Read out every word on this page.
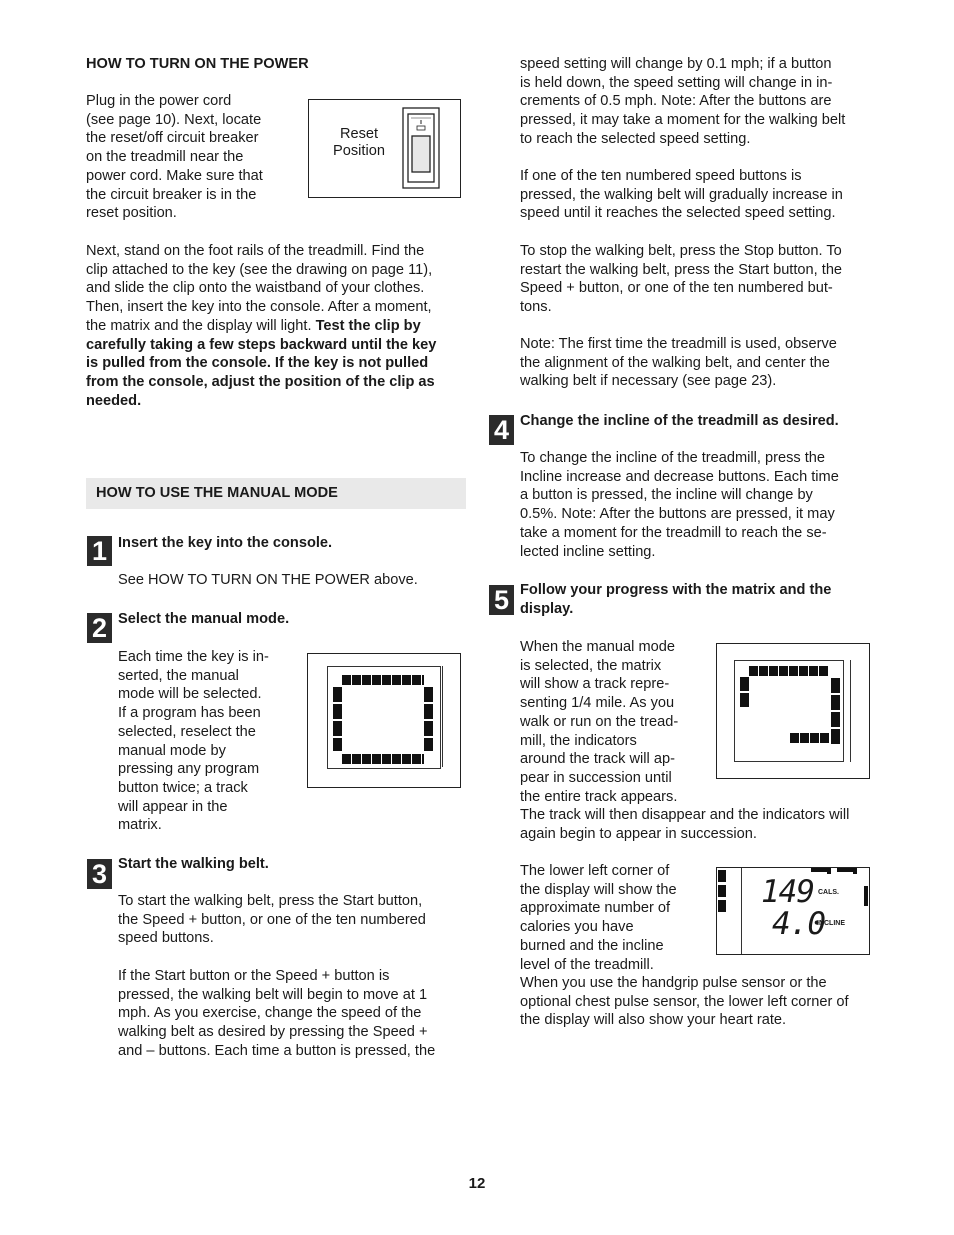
HOW TO TURN ON THE POWER

Plug in the power cord
(see page 10). Next, locate
the reset/off circuit breaker
on the treadmill near the
power cord. Make sure that
the circuit breaker is in the
reset position.
Reset
Position
Next, stand on the foot rails of the treadmill. Find the
clip attached to the key (see the drawing on page 11),
and slide the clip onto the waistband of your clothes.
Then, insert the key into the console. After a moment,
the matrix and the display will light. Test the clip by
carefully taking a few steps backward until the key
is pulled from the console. If the key is not pulled
from the console, adjust the position of the clip as
needed.

HOW TO USE THE MANUAL MODE

1 Insert the key into the console.

See HOW TO TURN ON THE POWER above.

2 Select the manual mode.

Each time the key is in-
serted, the manual
mode will be selected.
If a program has been
selected, reselect the
manual mode by
pressing any program
button twice; a track
will appear in the
matrix.
3 Start the walking belt.

To start the walking belt, press the Start button,
the Speed + button, or one of the ten numbered
speed buttons.
If the Start button or the Speed + button is
pressed, the walking belt will begin to move at 1
mph. As you exercise, change the speed of the
walking belt as desired by pressing the Speed +
and – buttons. Each time a button is pressed, the
speed setting will change by 0.1 mph; if a button
is held down, the speed setting will change in in-
crements of 0.5 mph. Note: After the buttons are
pressed, it may take a moment for the walking belt
to reach the selected speed setting.
If one of the ten numbered speed buttons is
pressed, the walking belt will gradually increase in
speed until it reaches the selected speed setting.
To stop the walking belt, press the Stop button. To
restart the walking belt, press the Start button, the
Speed + button, or one of the ten numbered but-
tons.
Note: The first time the treadmill is used, observe
the alignment of the walking belt, and center the
walking belt if necessary (see page 23).
4 Change the incline of the treadmill as desired.

To change the incline of the treadmill, press the
Incline increase and decrease buttons. Each time
a button is pressed, the incline will change by
0.5%. Note: After the buttons are pressed, it may
take a moment for the treadmill to reach the se-
lected incline setting.
5 Follow your progress with the matrix and the
display.
When the manual mode
is selected, the matrix
will show a track repre-
senting 1/4 mile. As you
walk or run on the tread-
mill, the indicators
around the track will ap-
pear in succession until
the entire track appears.
The track will then disappear and the indicators will
again begin to appear in succession.
The lower left corner of
the display will show the
approximate number of
calories you have
burned and the incline
level of the treadmill.
When you use the handgrip pulse sensor or the
optional chest pulse sensor, the lower left corner of
the display will also show your heart rate.
149 CALS.
4.0
INCLINE

12
